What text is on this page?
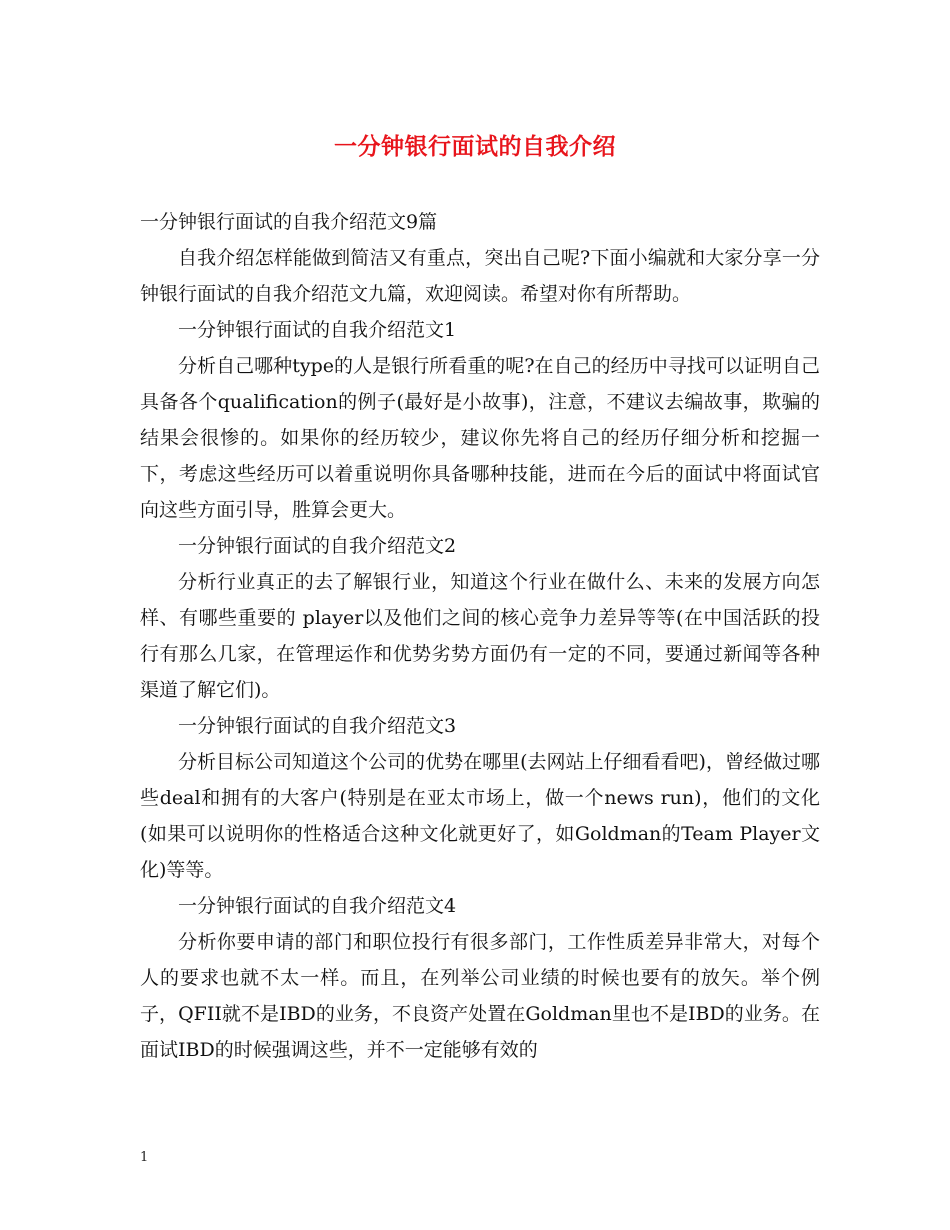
一分钟银行面试的自我介绍

一分钟银行面试的自我介绍范文9篇

自我介绍怎样能做到简洁又有重点，突出自己呢?下面小编就和大家分享一分钟银行面试的自我介绍范文九篇，欢迎阅读。希望对你有所帮助。

一分钟银行面试的自我介绍范文1

分析自己哪种type的人是银行所看重的呢?在自己的经历中寻找可以证明自己具备各个qualification的例子(最好是小故事)，注意，不建议去编故事，欺骗的结果会很惨的。如果你的经历较少，建议你先将自己的经历仔细分析和挖掘一下，考虑这些经历可以着重说明你具备哪种技能，进而在今后的面试中将面试官向这些方面引导，胜算会更大。

一分钟银行面试的自我介绍范文2

分析行业真正的去了解银行业，知道这个行业在做什么、未来的发展方向怎样、有哪些重要的 player以及他们之间的核心竞争力差异等等(在中国活跃的投行有那么几家，在管理运作和优势劣势方面仍有一定的不同，要通过新闻等各种渠道了解它们)。

一分钟银行面试的自我介绍范文3

分析目标公司知道这个公司的优势在哪里(去网站上仔细看看吧)，曾经做过哪些deal和拥有的大客户(特别是在亚太市场上，做一个news run)，他们的文化(如果可以说明你的性格适合这种文化就更好了，如Goldman的Team Player文化)等等。

一分钟银行面试的自我介绍范文4

分析你要申请的部门和职位投行有很多部门，工作性质差异非常大，对每个人的要求也就不太一样。而且，在列举公司业绩的时候也要有的放矢。举个例子，QFII就不是IBD的业务，不良资产处置在Goldman里也不是IBD的业务。在面试IBD的时候强调这些，并不一定能够有效的

1
